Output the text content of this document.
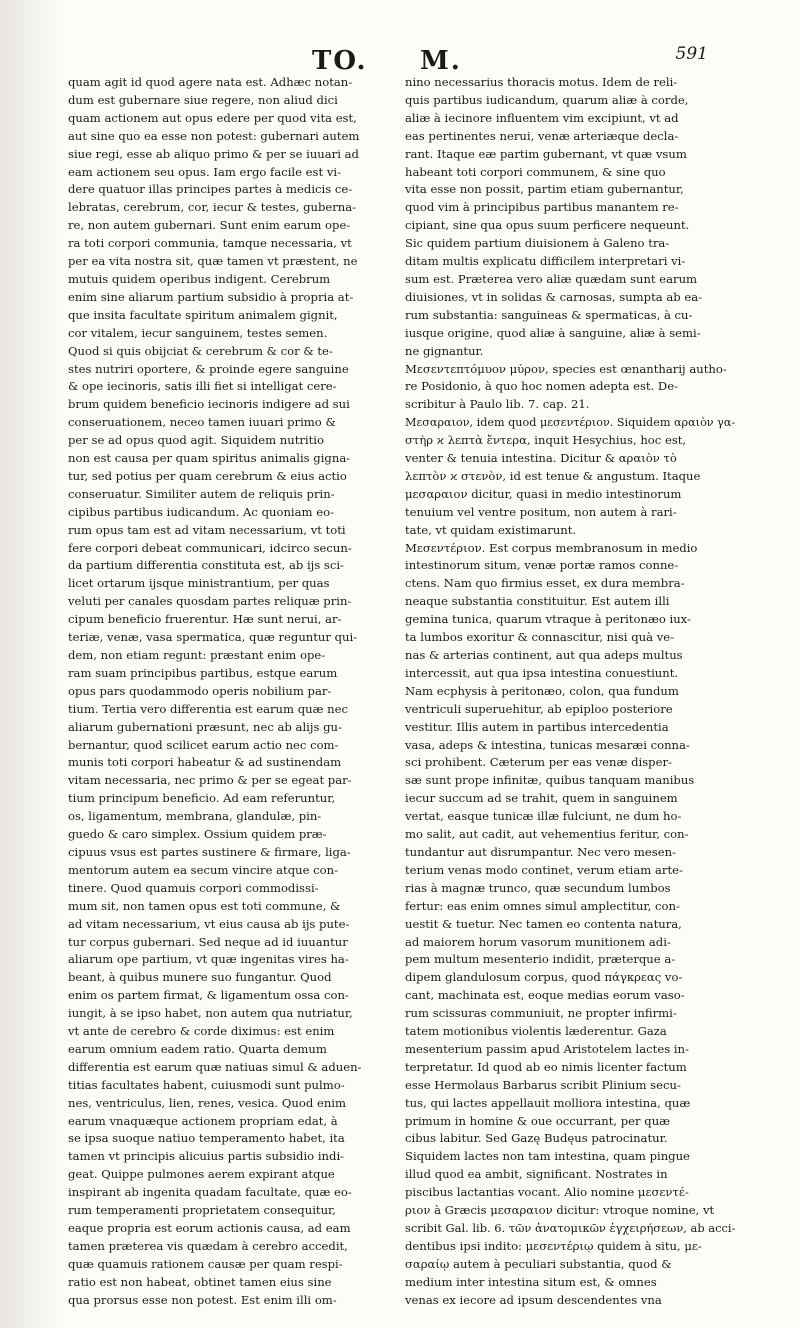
TO. M.	591
quam agit id quod agere nata est. Adhæc notan-
dum est gubernare siue regere, non aliud dici
quam actionem aut opus edere per quod vita est,
aut sine quo ea esse non potest: gubernari autem
siue regi, esse ab aliquo primo & per se iuuari ad
eam actionem seu opus. Iam ergo facile est vi-
dere quatuor illas principes partes à medicis ce-
lebratas, cerebrum, cor, iecur & testes, guberna-
re, non autem gubernari. Sunt enim earum ope-
ra toti corpori communia, tamque necessaria, vt
per ea vita nostra sit, quæ tamen vt præstent, ne
mutuis quidem operibus indigent. Cerebrum
enim sine aliarum partium subsidio à propria at-
que insita facultate spiritum animalem gignit,
cor vitalem, iecur sanguinem, testes semen.
Quod si quis obijciat & cerebrum & cor & te-
stes nutriri oportere, & proinde egere sanguine
& ope iecinoris, satis illi fiet si intelligat cere-
brum quidem beneficio iecinoris indigere ad sui
conseruationem, neceo tamen iuuari primo &
per se ad opus quod agit. Siquidem nutritio
non est causa per quam spiritus animalis gigna-
tur, sed potius per quam cerebrum & eius actio
conseruatur. Similiter autem de reliquis prin-
cipibus partibus iudicandum. Ac quoniam eo-
rum opus tam est ad vitam necessarium, vt toti
fere corpori debeat communicari, idcirco secun-
da partium differentia constituta est, ab ijs sci-
licet ortarum ijsque ministrantium, per quas
veluti per canales quosdam partes reliquæ prin-
cipum beneficio fruerentur. Hæ sunt nerui, ar-
teriæ, venæ, vasa spermatica, quæ reguntur qui-
dem, non etiam regunt: præstant enim ope-
ram suam principibus partibus, estque earum
opus pars quodammodo operis nobilium par-
tium. Tertia vero differentia est earum quæ nec
aliarum gubernationi præsunt, nec ab alijs gu-
bernantur, quod scilicet earum actio nec com-
munis toti corpori habeatur & ad sustinendam
vitam necessaria, nec primo & per se egeat par-
tium principum beneficio. Ad eam referuntur,
os, ligamentum, membrana, glandulæ, pin-
guedo & caro simplex. Ossium quidem præ-
cipuus vsus est partes sustinere & firmare, liga-
mentorum autem ea secum vincire atque con-
tinere. Quod quamuis corpori commodissi-
mum sit, non tamen opus est toti commune, &
ad vitam necessarium, vt eius causa ab ijs pute-
tur corpus gubernari. Sed neque ad id iuuantur
aliarum ope partium, vt quæ ingenitas vires ha-
beant, à quibus munere suo fungantur. Quod
enim os partem firmat, & ligamentum ossa con-
iungit, à se ipso habet, non autem qua nutriatur,
vt ante de cerebro & corde diximus: est enim
earum omnium eadem ratio. Quarta demum
differentia est earum quæ natiuas simul & aduen-
titias facultates habent, cuiusmodi sunt pulmo-
nes, ventriculus, lien, renes, vesica. Quod enim
earum vnaquæque actionem propriam edat, à
se ipsa suoque natiuo temperamento habet, ita
tamen vt principis alicuius partis subsidio indi-
geat. Quippe pulmones aerem expirant atque
inspirant ab ingenita quadam facultate, quæ eo-
rum temperamenti proprietatem consequitur,
eaque propria est eorum actionis causa, ad eam
tamen præterea vis quædam à cerebro accedit,
quæ quamuis rationem causæ per quam respi-
ratio est non habeat, obtinet tamen eius sine
qua prorsus esse non potest. Est enim illi om-
nino necessarius thoracis motus. Idem de reli-
quis partibus iudicandum, quarum aliæ à corde,
aliæ à iecinore influentem vim excipiunt, vt ad
eas pertinentes nerui, venæ arteriæque decla-
rant. Itaque eæ partim gubernant, vt quæ vsum
habeant toti corpori communem, & sine quo
vita esse non possit, partim etiam gubernantur,
quod vim à principibus partibus manantem re-
cipiant, sine qua opus suum perficere nequeunt.
Sic quidem partium diuisionem à Galeno tra-
ditam multis explicatu difficilem interpretari vi-
sum est. Præterea vero aliæ quædam sunt earum
diuisiones, vt in solidas & carnosas, sumpta ab ea-
rum substantia: sanguineas & spermaticas, à cu-
iusque origine, quod aliæ à sanguine, aliæ à semi-
ne gignantur.
Μεσεντεπτόμυον μύρον, species est œnantharij autho-
re Posidonio, à quo hoc nomen adepta est. De-
scribitur à Paulo lib. 7. cap. 21.
Μεσαραιον, idem quod μεσεντέριον. Siquidem αραιὸν γα-
στὴρ ϰ λεπτὰ ἔντερα, inquit Hesychius, hoc est,
venter & tenuia intestina. Dicitur & αραιὸν τὸ
λεπτὸν ϰ στενὸν, id est tenue & angustum. Itaque
μεσαραιον dicitur, quasi in medio intestinorum
tenuium vel ventre positum, non autem à rari-
tate, vt quidam existimarunt.
Μεσεντέριον. Est corpus membranosum in medio
intestinorum situm, venæ portæ ramos conne-
ctens. Nam quo firmius esset, ex dura membra-
neaque substantia constituitur. Est autem illi
gemina tunica, quarum vtraque à peritonæo iux-
ta lumbos exoritur & connascitur, nisi quà ve-
nas & arterias continent, aut qua adeps multus
intercessit, aut qua ipsa intestina conuestiunt.
Nam ecphysis à peritonæo, colon, qua fundum
ventriculi superuehitur, ab epiploo posteriore
vestitur. Illis autem in partibus intercedentia
vasa, adeps & intestina, tunicas mesaræi conna-
sci prohibent. Cæterum per eas venæ disper-
sæ sunt prope infinitæ, quibus tanquam manibus
iecur succum ad se trahit, quem in sanguinem
vertat, easque tunicæ illæ fulciunt, ne dum ho-
mo salit, aut cadit, aut vehementius feritur, con-
tundantur aut disrumpantur. Nec vero mesen-
terium venas modo continet, verum etiam arte-
rias à magnæ trunco, quæ secundum lumbos
fertur: eas enim omnes simul amplectitur, con-
uestit & tuetur. Nec tamen eo contenta natura,
ad maiorem horum vasorum munitionem adi-
pem multum mesenterio indidit, præterque a-
dipem glandulosum corpus, quod πάγκρεας vo-
cant, machinata est, eoque medias eorum vaso-
rum scissuras communiuit, ne propter infirmi-
tatem motionibus violentis læderentur. Gaza
mesenterium passim apud Aristotelem lactes in-
terpretatur. Id quod ab eo nimis licenter factum
esse Hermolaus Barbarus scribit Plinium secu-
tus, qui lactes appellauit molliora intestina, quæ
primum in homine & oue occurrant, per quæ
cibus labitur. Sed Gazę Budęus patrocinatur.
Siquidem lactes non tam intestina, quam pingue
illud quod ea ambit, significant. Nostrates in
piscibus lactantias vocant. Alio nomine μεσεντέ-
ριον à Græcis μεσαραιον dicitur: vtroque nomine, vt
scribit Gal. lib. 6. τῶν ἀνατομικῶν ἐγχειρήσεων, ab acci-
dentibus ipsi indito: μεσεντέριῳ quidem à situ, με-
σαραίῳ autem à peculiari substantia, quod &
medium inter intestina situm est, & omnes
venas ex iecore ad ipsum descendentes vna
